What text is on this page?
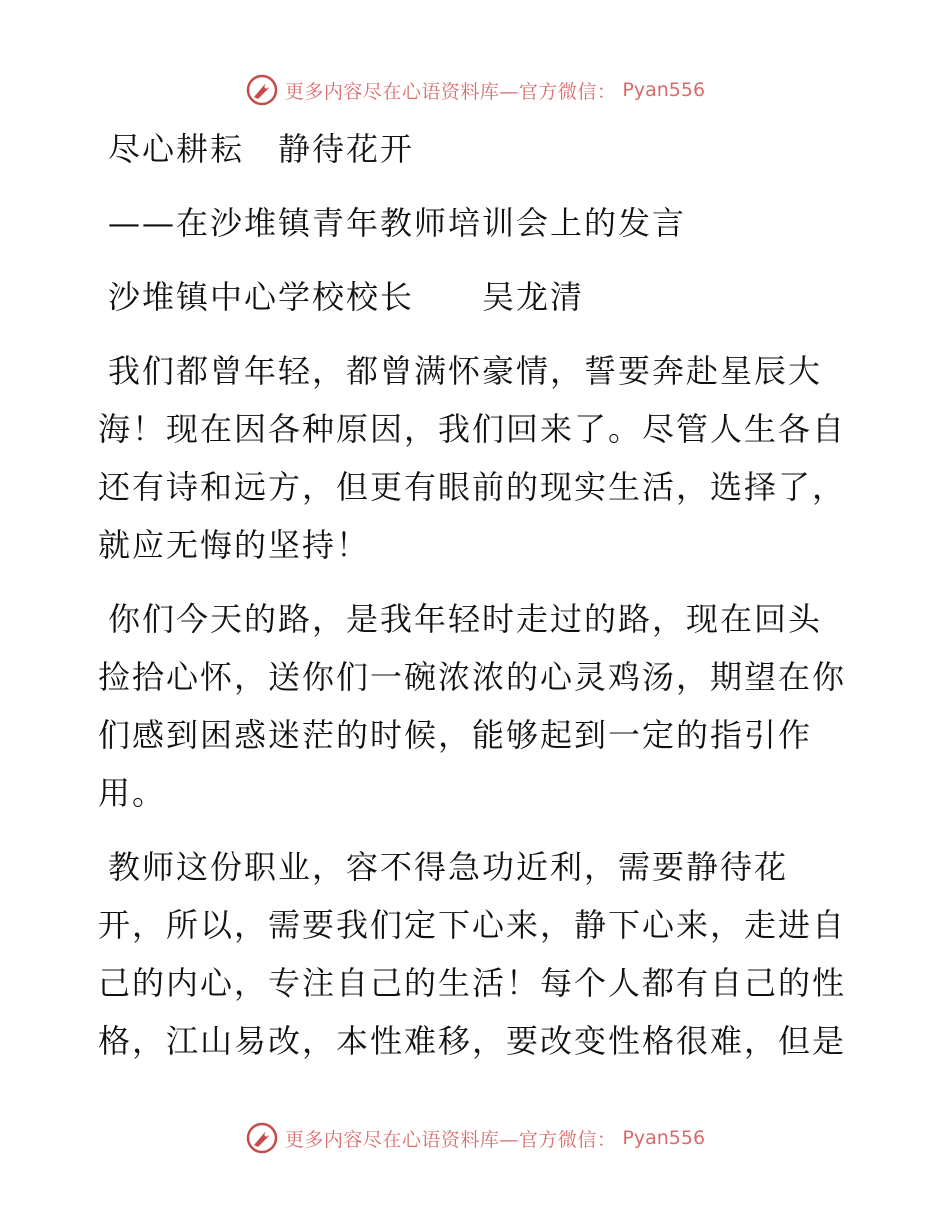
更多内容尽在心语资料库—官方微信： Pyan556
尽心耕耘　静待花开
——在沙堆镇青年教师培训会上的发言
沙堆镇中心学校校长　　吴龙清
我们都曾年轻，都曾满怀豪情，誓要奔赴星辰大
海！现在因各种原因，我们回来了。尽管人生各自
还有诗和远方，但更有眼前的现实生活，选择了，
就应无悔的坚持！
你们今天的路，是我年轻时走过的路，现在回头
捡拾心怀，送你们一碗浓浓的心灵鸡汤，期望在你
们感到困惑迷茫的时候，能够起到一定的指引作
用。
教师这份职业，容不得急功近利，需要静待花
开，所以，需要我们定下心来，静下心来，走进自
己的内心，专注自己的生活！每个人都有自己的性
格，江山易改，本性难移，要改变性格很难，但是
更多内容尽在心语资料库—官方微信： Pyan556
